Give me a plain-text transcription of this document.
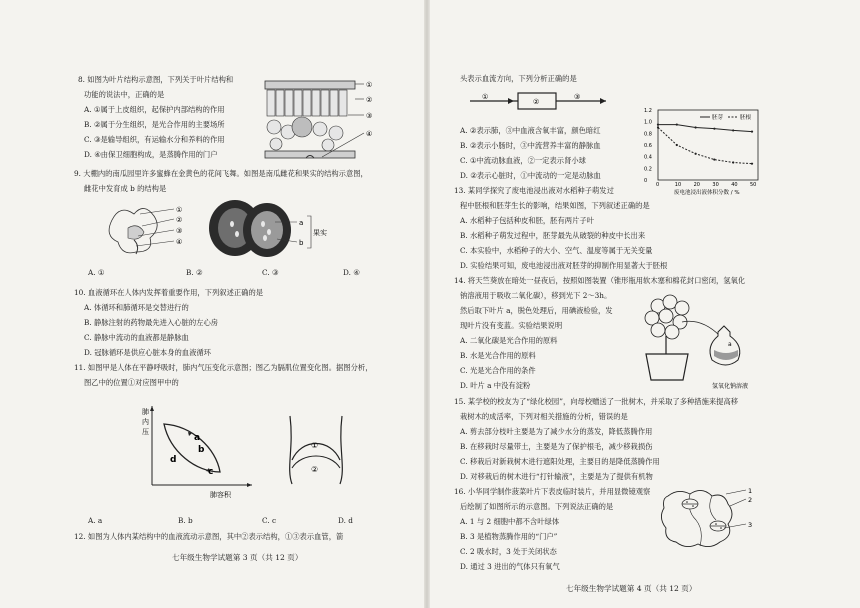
8. 如图为叶片结构示意图，下列关于叶片结构和
功能的说法中，正确的是
A. ①属于上皮组织，起保护内部结构的作用
B. ②属于分生组织，是光合作用的主要场所
C. ③是输导组织，有运输水分和养料的作用
D. ④由保卫细胞构成，是蒸腾作用的门户
①
②
③
④
9. 大棚内的南瓜园里许多蜜蜂在金黄色的花间飞舞。如图是南瓜雌花和果实的结构示意图，
雌花中发育成 b 的结构是
①
②
③
④
a
b
果实
A. ①	B. ②	C. ③	D. ④
10. 血液循环在人体内发挥着重要作用，下列叙述正确的是
A. 体循环和肺循环是交替进行的
B. 静脉注射的药物最先进入心脏的左心房
C. 静脉中流动的血液都是静脉血
D. 冠脉循环是供应心脏本身的血液循环
11. 如图甲是人体在平静呼吸时，肺内气压变化示意图；图乙为膈肌位置变化图。据图分析，
图乙中的位置①对应图甲中的
a
b
c
d
肺
内
压
肺容积
①
②
A. a	B. b	C. c	D. d
12. 如图为人体内某结构中的血液流动示意图，其中②表示结构，①③表示血管，箭
七年级生物学试题第 3 页（共 12 页）
头表示血流方向，下列分析正确的是
①
②
③
A. ②表示肺，③中血液含氧丰富，颜色暗红
B. ②表示小肠时，③中流营养丰富的静脉血
C. ①中流动脉血液，②一定表示肾小球
D. ②表示心脏时，①中流动的一定是动脉血
胚芽	胚根
废电池浸出液体积分数 / %
0	10 20 30 40 50
1.2
1.0
0.8
0.6
0.4
0.2
0
13. 某同学探究了废电池浸出液对水稻种子萌发过
程中胚根和胚芽生长的影响，结果如图，下列叙述正确的是
A. 水稻种子包括种皮和胚，胚有两片子叶
B. 水稻种子萌发过程中，胚芽最先从破裂的种皮中长出来
C. 本实验中，水稻种子的大小、空气、温度等属于无关变量
D. 实验结果可知，废电池浸出液对胚芽的抑制作用显著大于胚根
14. 将天竺葵放在暗处一昼夜后，按照如图装置（锥形瓶用软木塞和棉花封口密闭，氢氧化
钠溶液用于吸收二氧化碳），移到光下 2～3h。
然后取下叶片 a，脱色处理后，用碘液检验，发
现叶片没有变蓝。实验结果说明
A. 二氧化碳是光合作用的原料
B. 水是光合作用的原料
C. 光是光合作用的条件
D. 叶片 a 中没有淀粉
a
氢氧化钠溶液
15. 某学校的校友为了“绿化校园”，向母校赠送了一批树木，并采取了多种措施来提高移
栽树木的成活率，下列对相关措施的分析，错误的是
A. 剪去部分枝叶主要是为了减少水分的蒸发，降低蒸腾作用
B. 在移栽时尽量带土，主要是为了保护根毛，减少移栽损伤
C. 移栽后对新栽树木进行遮阳处理，主要目的是降低蒸腾作用
D. 对移栽后的树木进行“打针输液”，主要是为了提供有机物
16. 小华同学制作菠菜叶片下表皮临时装片，并用显微镜观察
后绘制了如图所示的示意图。下列说法正确的是
A. 1 与 2 细胞中都不含叶绿体
B. 3 是植物蒸腾作用的“门户”
C. 2 吸水时，3 处于关闭状态
D. 通过 3 进出的气体只有氧气
1
2
3
七年级生物学试题第 4 页（共 12 页）
